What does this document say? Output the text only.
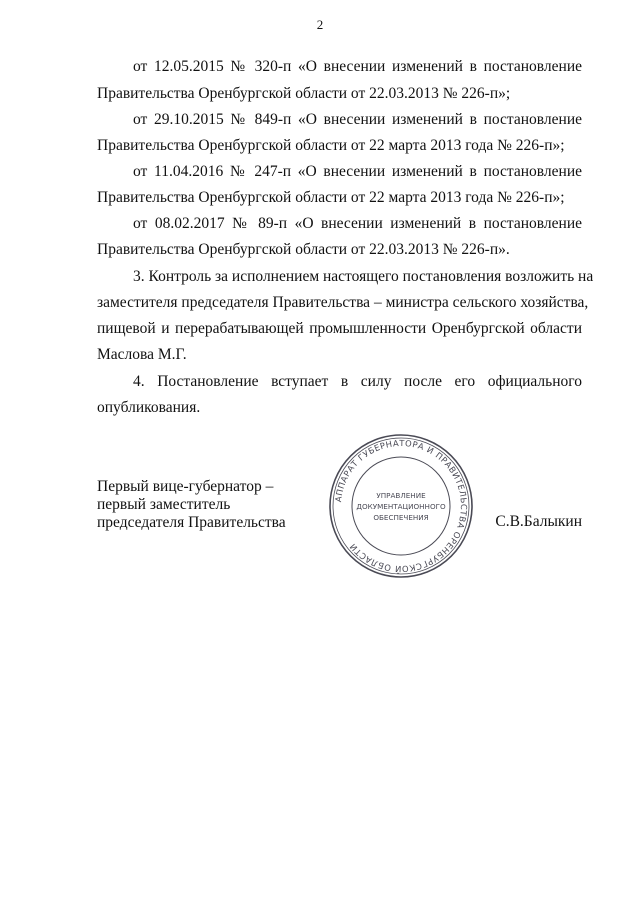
2
от 12.05.2015 № 320-п «О внесении изменений в постановление
Правительства Оренбургской области от 22.03.2013 № 226-п»;
от 29.10.2015 № 849-п «О внесении изменений в постановление
Правительства Оренбургской области от 22 марта 2013 года № 226-п»;
от 11.04.2016 № 247-п «О внесении изменений в постановление
Правительства Оренбургской области от 22 марта 2013 года № 226-п»;
от 08.02.2017 № 89-п «О внесении изменений в постановление
Правительства Оренбургской области от 22.03.2013 № 226-п».
3. Контроль за исполнением настоящего постановления возложить на
заместителя председателя Правительства – министра сельского хозяйства,
пищевой и перерабатывающей промышленности Оренбургской области
Маслова М.Г.
4. Постановление вступает в силу после его официального
опубликования.
Первый вице-губернатор –
первый заместитель
председателя Правительства
АППАРАТ ГУБЕРНАТОРА И ПРАВИТЕЛЬСТВА ОРЕНБУРГСКОЙ ОБЛАСТИ
УПРАВЛЕНИЕ
ДОКУМЕНТАЦИОННОГО
ОБЕСПЕЧЕНИЯ	С.В.Балыкин
